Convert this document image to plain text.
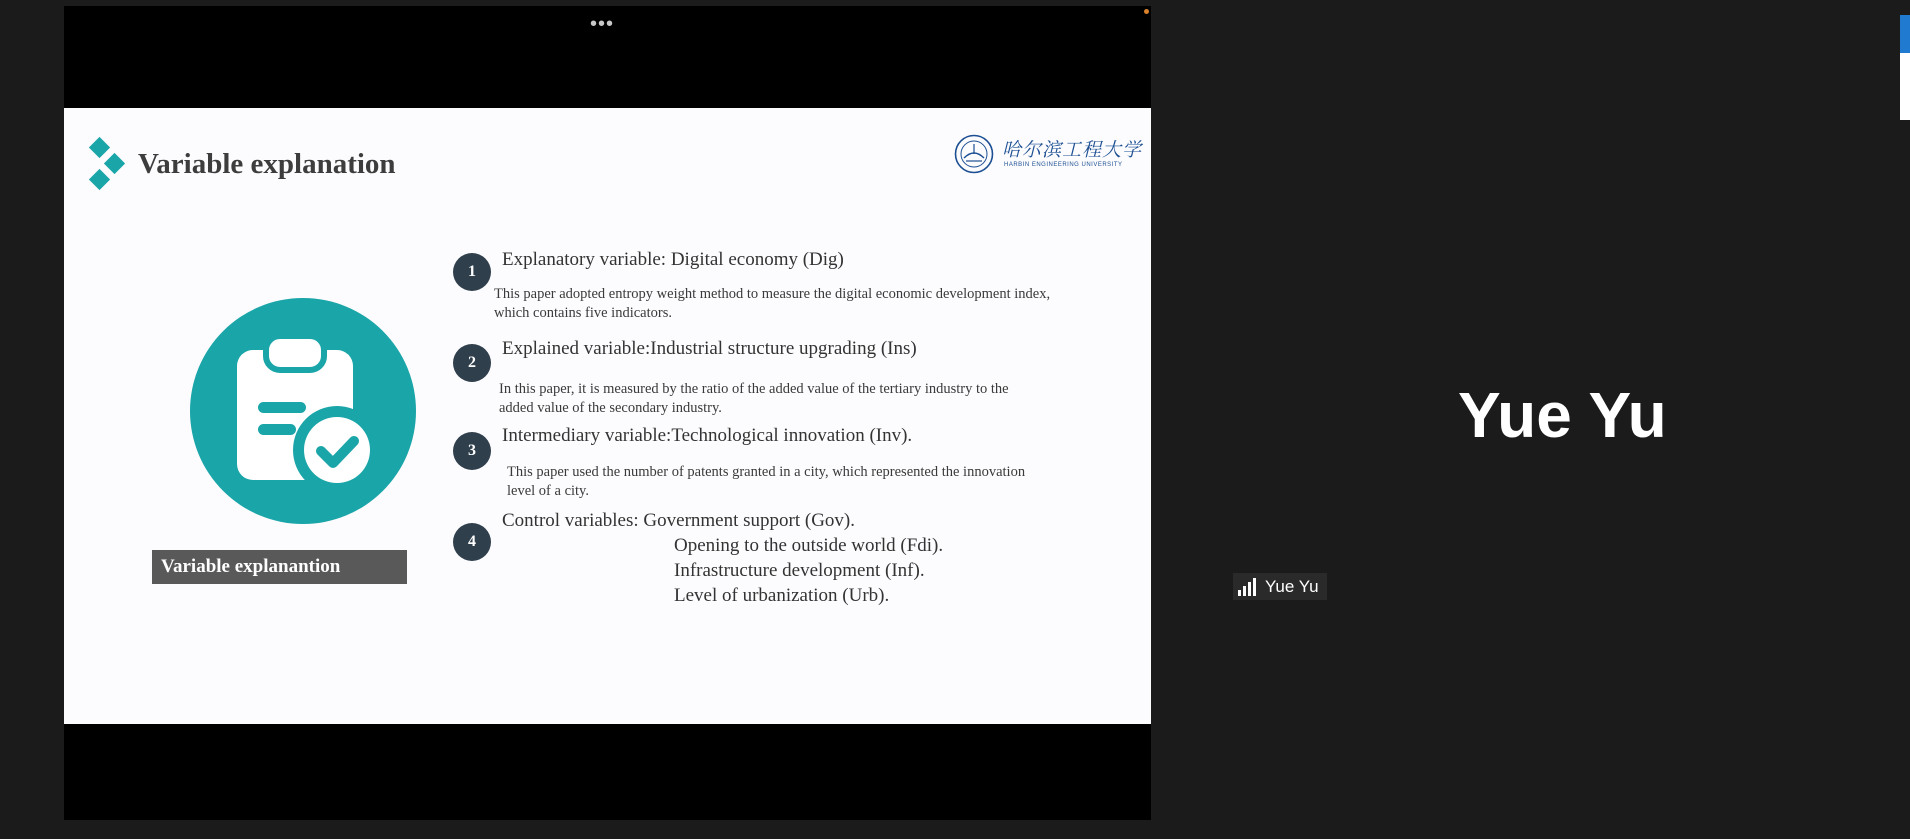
•••
Variable explanation	哈尔滨工程大学
HARBIN ENGINEERING UNIVERSITY
Variable explanantion
1
Explanatory variable: Digital economy (Dig)
This paper adopted entropy weight method to measure the digital economic development index,
which contains five indicators.
2
Explained variable:Industrial structure upgrading (Ins)
In this paper, it is measured by the ratio of the added value of the tertiary industry to the
added value of the secondary industry.
3
Intermediary variable:Technological innovation (Inv).
This paper used the number of patents granted in a city, which represented the innovation
level of a city.
4
Control variables: Government support (Gov).
Opening to the outside world (Fdi).
Infrastructure development (Inf).
Level of urbanization (Urb).
Yue Yu
Yue Yu
